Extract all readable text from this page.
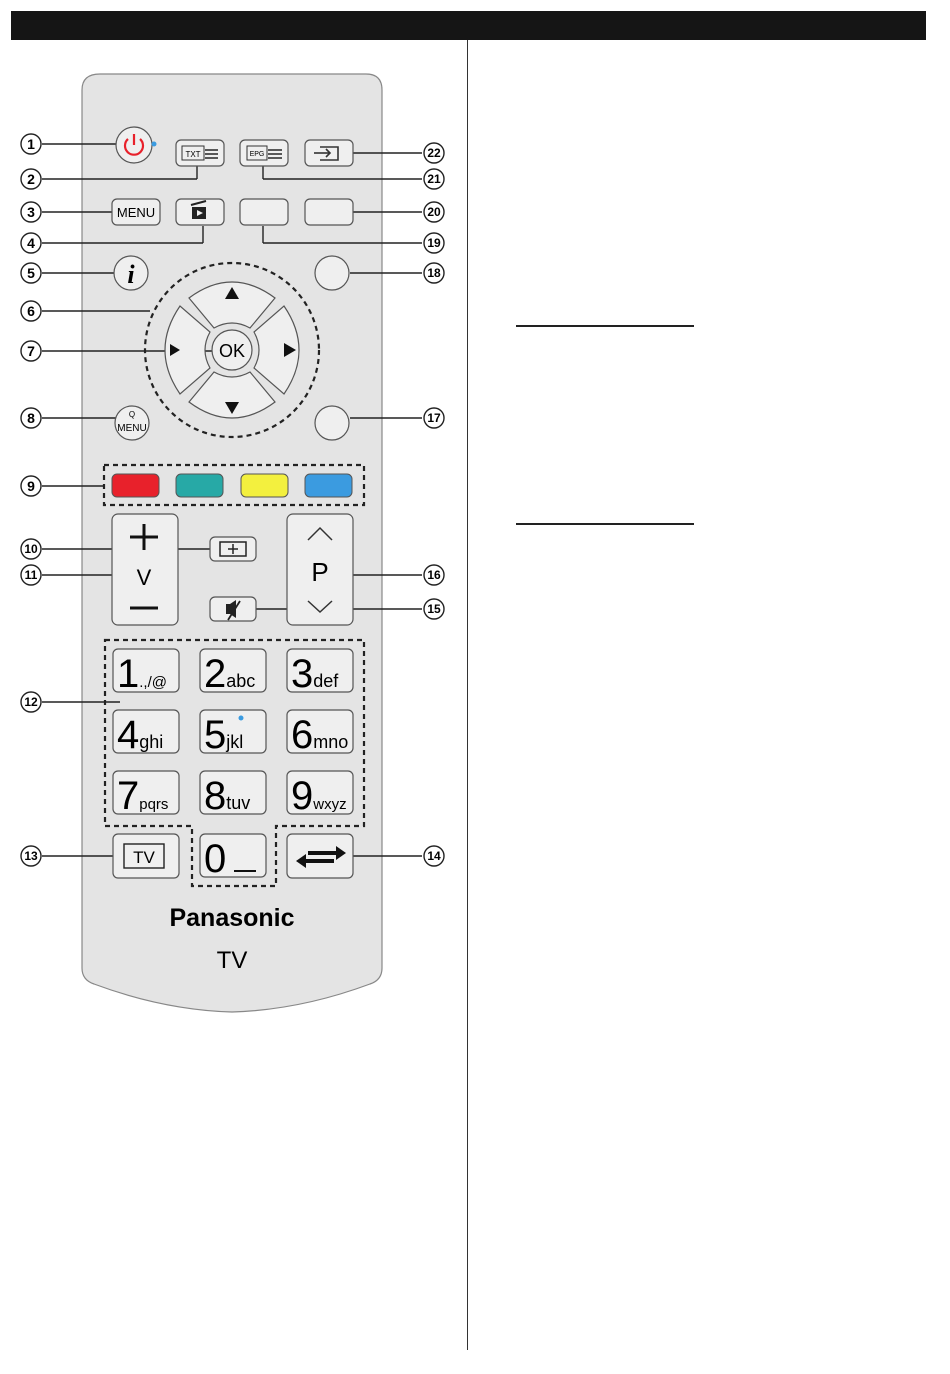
1
2
3
4
5
6
7
8
9
10
11
12
13	14
15
16
17
18
19
20
21
22
TXT	EPG
MENU
i
OK
Q
MENU
V	P
1.,/@ 2abc 3def
4ghi 5jkl 6mno
7pqrs 8tuv 9wxyz
0
TV
Panasonic
TV
